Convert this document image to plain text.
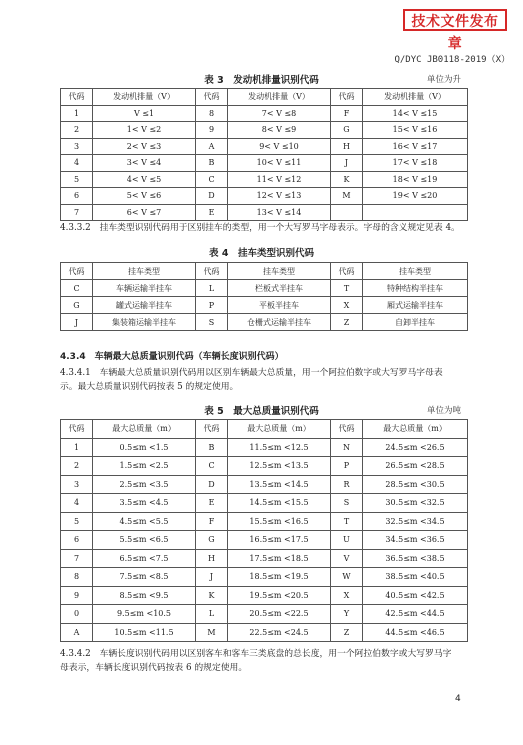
技术文件发布章
Q/DYC JB0118-2019（X）
表 3　发动机排量识别代码	单位为升
代码	发动机排量（V）	代码	发动机排量（V）	代码	发动机排量（V）
1	V ≤1	8	7< V ≤8	F	14< V ≤15
2	1< V ≤2	9	8< V ≤9	G	15< V ≤16
3	2< V ≤3	A	9< V ≤10	H	16< V ≤17
4	3< V ≤4	B	10< V ≤11	J	17< V ≤18
5	4< V ≤5	C	11< V ≤12	K	18< V ≤19
6	5< V ≤6	D	12< V ≤13	M	19< V ≤20
7	6< V ≤7	E	13< V ≤14		
4.3.3.2　挂车类型识别代码用于区别挂车的类型，用一个大写罗马字母表示。字母的含义规定见表 4。
表 4　挂车类型识别代码
代码	挂车类型	代码	挂车类型	代码	挂车类型
C	车辆运输半挂车	L	栏板式半挂车	T	特种结构半挂车
G	罐式运输半挂车	P	平板半挂车	X	厢式运输半挂车
J	集装箱运输半挂车	S	仓栅式运输半挂车	Z	自卸半挂车
4.3.4　车辆最大总质量识别代码（车辆长度识别代码）
4.3.4.1　车辆最大总质量识别代码用以区别车辆最大总质量，用一个阿拉伯数字或大写罗马字母表
示。最大总质量识别代码按表 5 的规定使用。
表 5　最大总质量识别代码	单位为吨
代码	最大总质量（m）	代码	最大总质量（m）	代码	最大总质量（m）
1	0.5≤m <1.5	B	11.5≤m <12.5	N	24.5≤m <26.5
2	1.5≤m <2.5	C	12.5≤m <13.5	P	26.5≤m <28.5
3	2.5≤m <3.5	D	13.5≤m <14.5	R	28.5≤m <30.5
4	3.5≤m <4.5	E	14.5≤m <15.5	S	30.5≤m <32.5
5	4.5≤m <5.5	F	15.5≤m <16.5	T	32.5≤m <34.5
6	5.5≤m <6.5	G	16.5≤m <17.5	U	34.5≤m <36.5
7	6.5≤m <7.5	H	17.5≤m <18.5	V	36.5≤m <38.5
8	7.5≤m <8.5	J	18.5≤m <19.5	W	38.5≤m <40.5
9	8.5≤m <9.5	K	19.5≤m <20.5	X	40.5≤m <42.5
0	9.5≤m <10.5	L	20.5≤m <22.5	Y	42.5≤m <44.5
A	10.5≤m <11.5	M	22.5≤m <24.5	Z	44.5≤m <46.5
4.3.4.2　车辆长度识别代码用以区别客车和客车三类底盘的总长度，用一个阿拉伯数字或大写罗马字
母表示，车辆长度识别代码按表 6 的规定使用。
4
